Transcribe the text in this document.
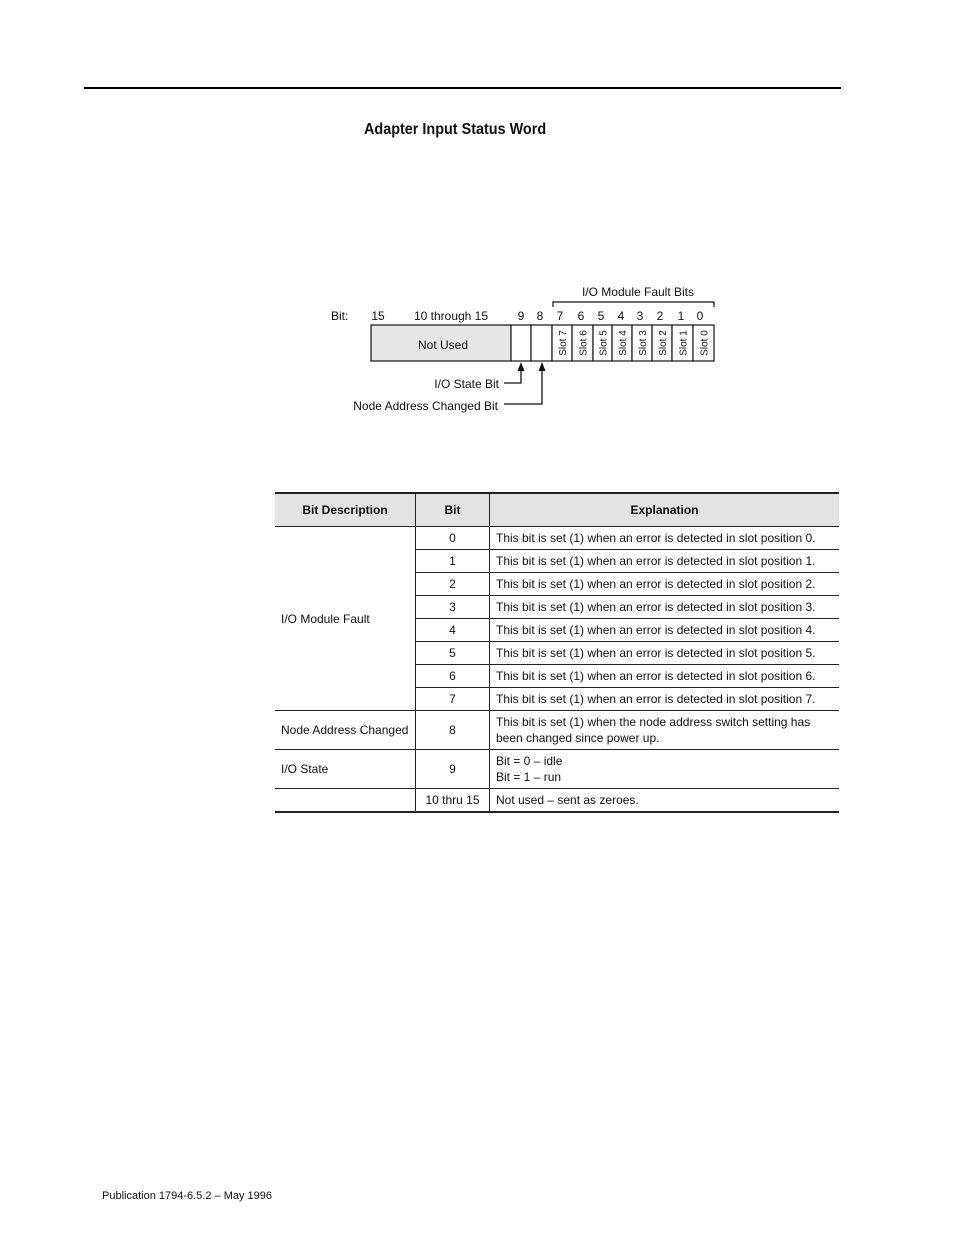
Adapter Input Status Word
Bit: 15 10 through 15 9 8 7 6 5 4 3 2 1 0
I/O Module Fault Bits
Not Used	Slot 7 Slot 6 Slot 5 Slot 4 Slot 3 Slot 2 Slot 1 Slot 0
I/O State Bit
Node Address Changed Bit
Bit Description	Bit	Explanation
I/O Module Fault	0	This bit is set (1) when an error is detected in slot position 0.
	1	This bit is set (1) when an error is detected in slot position 1.
	2	This bit is set (1) when an error is detected in slot position 2.
	3	This bit is set (1) when an error is detected in slot position 3.
	4	This bit is set (1) when an error is detected in slot position 4.
	5	This bit is set (1) when an error is detected in slot position 5.
	6	This bit is set (1) when an error is detected in slot position 6.
	7	This bit is set (1) when an error is detected in slot position 7.
Node Address Changed	8	This bit is set (1) when the node address switch setting has been changed since power up.
I/O State	9	Bit = 0 – idle
Bit = 1 – run

	10 thru 15	Not used – sent as zeroes.
Publication 1794-6.5.2 – May 1996
